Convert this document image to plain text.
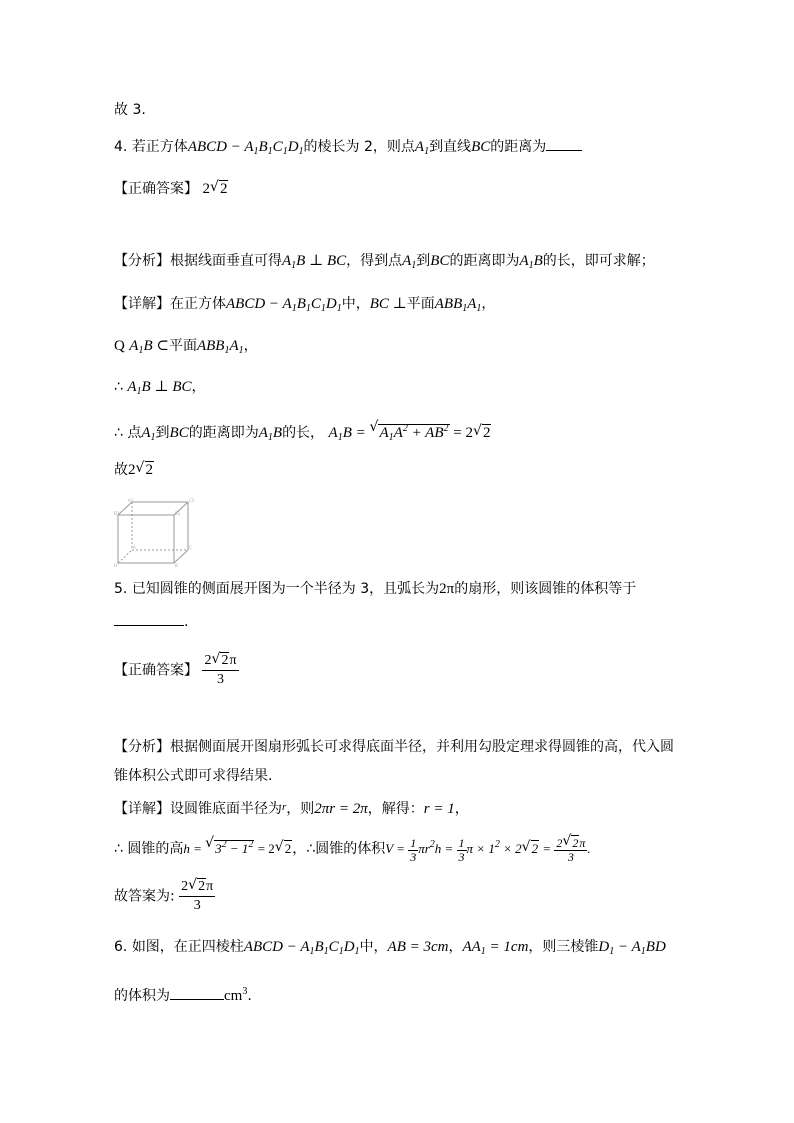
故 3.
4. 若正方体ABCD − $A_1B_1C_1D_1$的棱长为 2，则点$A_1$到直线BC的距离为
【正确答案】 2 √ 2
【分析】根据线面垂直可得$A_1B$ ⊥ BC，得到点$A_1$到BC的距离即为$A_1B$的长，即可求解；
【详解】在正方体ABCD − $A_1B_1C_1D_1$中，BC ⊥平面$ABB_1A_1$，
Q $A_1B$ ⊂平面$ABB_1A_1$，
∴ $A_1B$ ⊥ BC，
∴ 点$A_1$到BC的距离即为$A_1B$的长， $A_1B$ = √ $A_1A^2 + AB^2 = 2$ √ 2
故2 √ 2
A1	C1
D1	B1
A	C
D	B
5. 已知圆锥的侧面展开图为一个半径为 3，且弧长为2π的扇形，则该圆锥的体积等于
.
【正确答案】 $\frac{2 √ 2\pi}{3}$
【分析】根据侧面展开图扇形弧长可求得底面半径，并利用勾股定理求得圆锥的高，代入圆
锥体积公式即可求得结果.
【详解】设圆锥底面半径为$^r$，则2πr = 2π，解得：r = 1，
∴ 圆锥的高h = √ $3^2 - 1^2 = 2$ √ 2，∴圆锥的体积$V = \frac{1}{3} \pi r^2h = \frac{1}{3}$ $\pi \times 1^2 \times 2$ √ $2 = \frac{2 √ 2\pi}{3}$ .
故答案为: $\frac{2 √ 2\pi}{3}$
6. 如图，在正四棱柱ABCD − $A_1B_1C_1D_1$中，AB = 3cm，$AA_1 = 1cm$，则三棱锥$D_1 - A_1BD$
的体积为	$cm^3$.
